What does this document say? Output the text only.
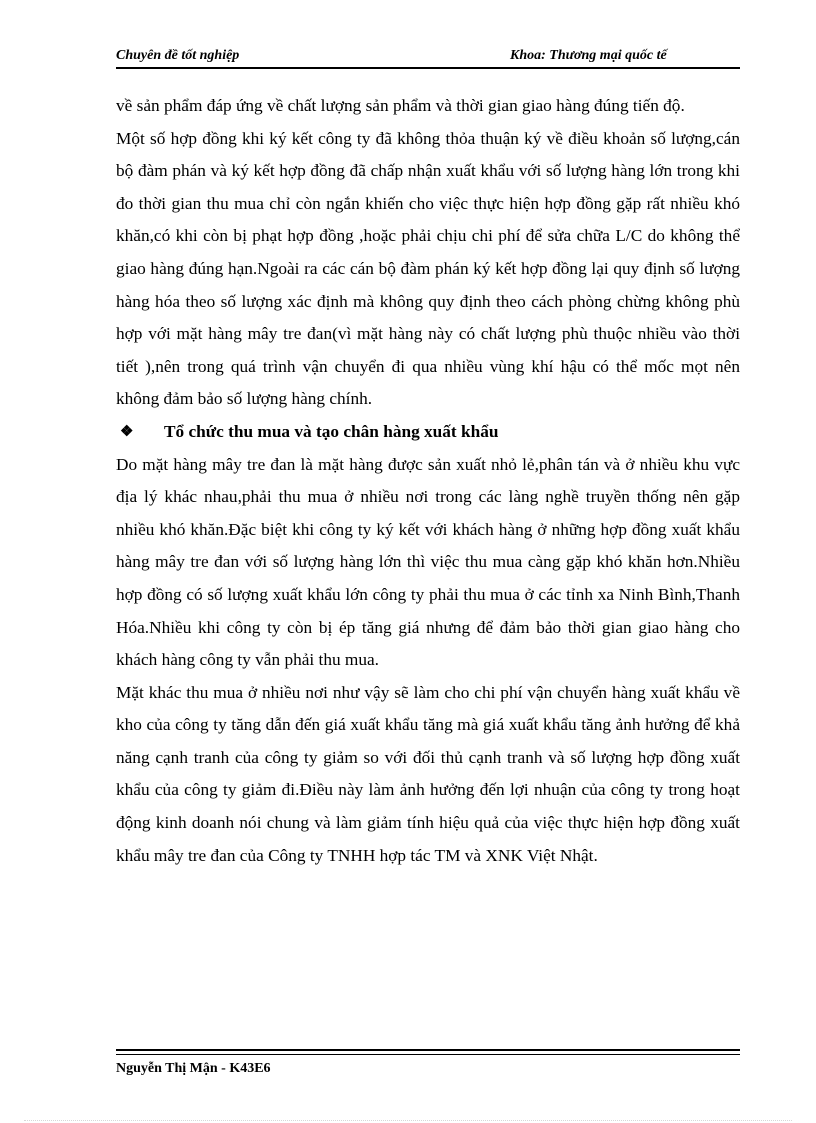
Chuyên đề tốt nghiệp	Khoa: Thương mại quốc tế

về sản phẩm đáp ứng về chất lượng sản phẩm và thời gian giao hàng đúng tiến độ.

Một số hợp đồng khi ký kết công ty đã không thỏa thuận ký về điều khoản số lượng,cán bộ đàm phán và ký kết hợp đồng đã chấp nhận xuất khẩu với số lượng hàng lớn trong khi đo thời gian thu mua chỉ còn ngắn khiến cho việc thực hiện hợp đồng gặp rất nhiều khó khăn,có khi còn bị phạt hợp đồng ,hoặc phải chịu chi phí để sửa chữa L/C do không thể giao hàng đúng hạn.Ngoài ra các cán bộ đàm phán ký kết hợp đồng lại quy định số lượng hàng hóa theo số lượng xác định mà không quy định theo cách phòng chừng không phù hợp với mặt hàng mây tre đan(vì mặt hàng này có chất lượng phù thuộc nhiều vào thời tiết ),nên trong quá trình vận chuyển đi qua nhiều vùng khí hậu có thể mốc mọt nên không đảm bảo số lượng hàng chính.

❖	Tổ chức thu mua và tạo chân hàng xuất khẩu

Do mặt hàng mây tre đan là mặt hàng được sản xuất nhỏ lẻ,phân tán và ở nhiều khu vực địa lý khác nhau,phải thu mua ở nhiều nơi trong các làng nghề truyền thống nên gặp nhiều khó khăn.Đặc biệt khi công ty ký kết với khách hàng ở những hợp đồng xuất khẩu hàng mây tre đan với số lượng hàng lớn thì việc thu mua càng gặp khó khăn hơn.Nhiều hợp đồng có số lượng xuất khẩu lớn công ty phải thu mua ở các tỉnh xa Ninh Bình,Thanh Hóa.Nhiều khi công ty còn bị ép tăng giá nhưng để đảm bảo thời gian giao hàng cho khách hàng công ty vẫn phải thu mua.

Mặt khác thu mua ở nhiều nơi như vậy sẽ làm cho chi phí vận chuyển hàng xuất khẩu về kho của công ty tăng dẫn đến giá xuất khẩu tăng mà giá xuất khẩu tăng ảnh hưởng để khả năng cạnh tranh của công ty giảm so với đối thủ cạnh tranh và số lượng hợp đồng xuất khẩu của công ty giảm đi.Điều này làm ảnh hưởng đến lợi nhuận của công ty trong hoạt động kinh doanh nói chung và làm giảm tính hiệu quả của việc thực hiện hợp đồng xuất khẩu mây tre đan của Công ty TNHH hợp tác TM và XNK Việt Nhật.

Nguyễn Thị Mận - K43E6
